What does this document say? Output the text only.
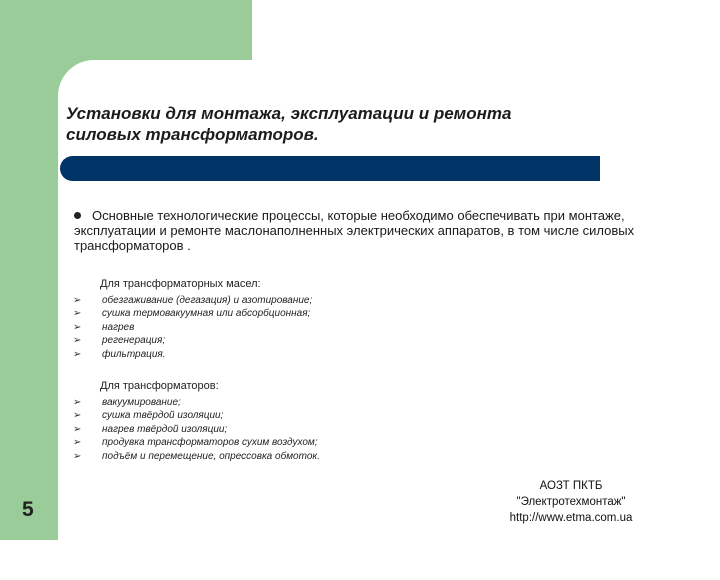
Установки для монтажа, эксплуатации и ремонта
силовых трансформаторов.
Основные технологические процессы, которые необходимо обеспечивать при монтаже, эксплуатации и ремонте маслонаполненных электрических аппаратов, в том числе силовых трансформаторов .
Для трансформаторных масел:
➢ обезгаживание (дегазация) и азотирование;
➢ сушка термовакуумная или абсорбционная;
➢ нагрев
➢ регенерация;
➢ фильтрация.
Для трансформаторов:
➢ вакуумирование;
➢ сушка твёрдой изоляции;
➢ нагрев твёрдой изоляции;
➢ продувка трансформаторов сухим воздухом;
➢ подъём и перемещение, опрессовка обмоток.
5
АОЗТ ПКТБ
"Электротехмонтаж"
http://www.etma.com.ua
